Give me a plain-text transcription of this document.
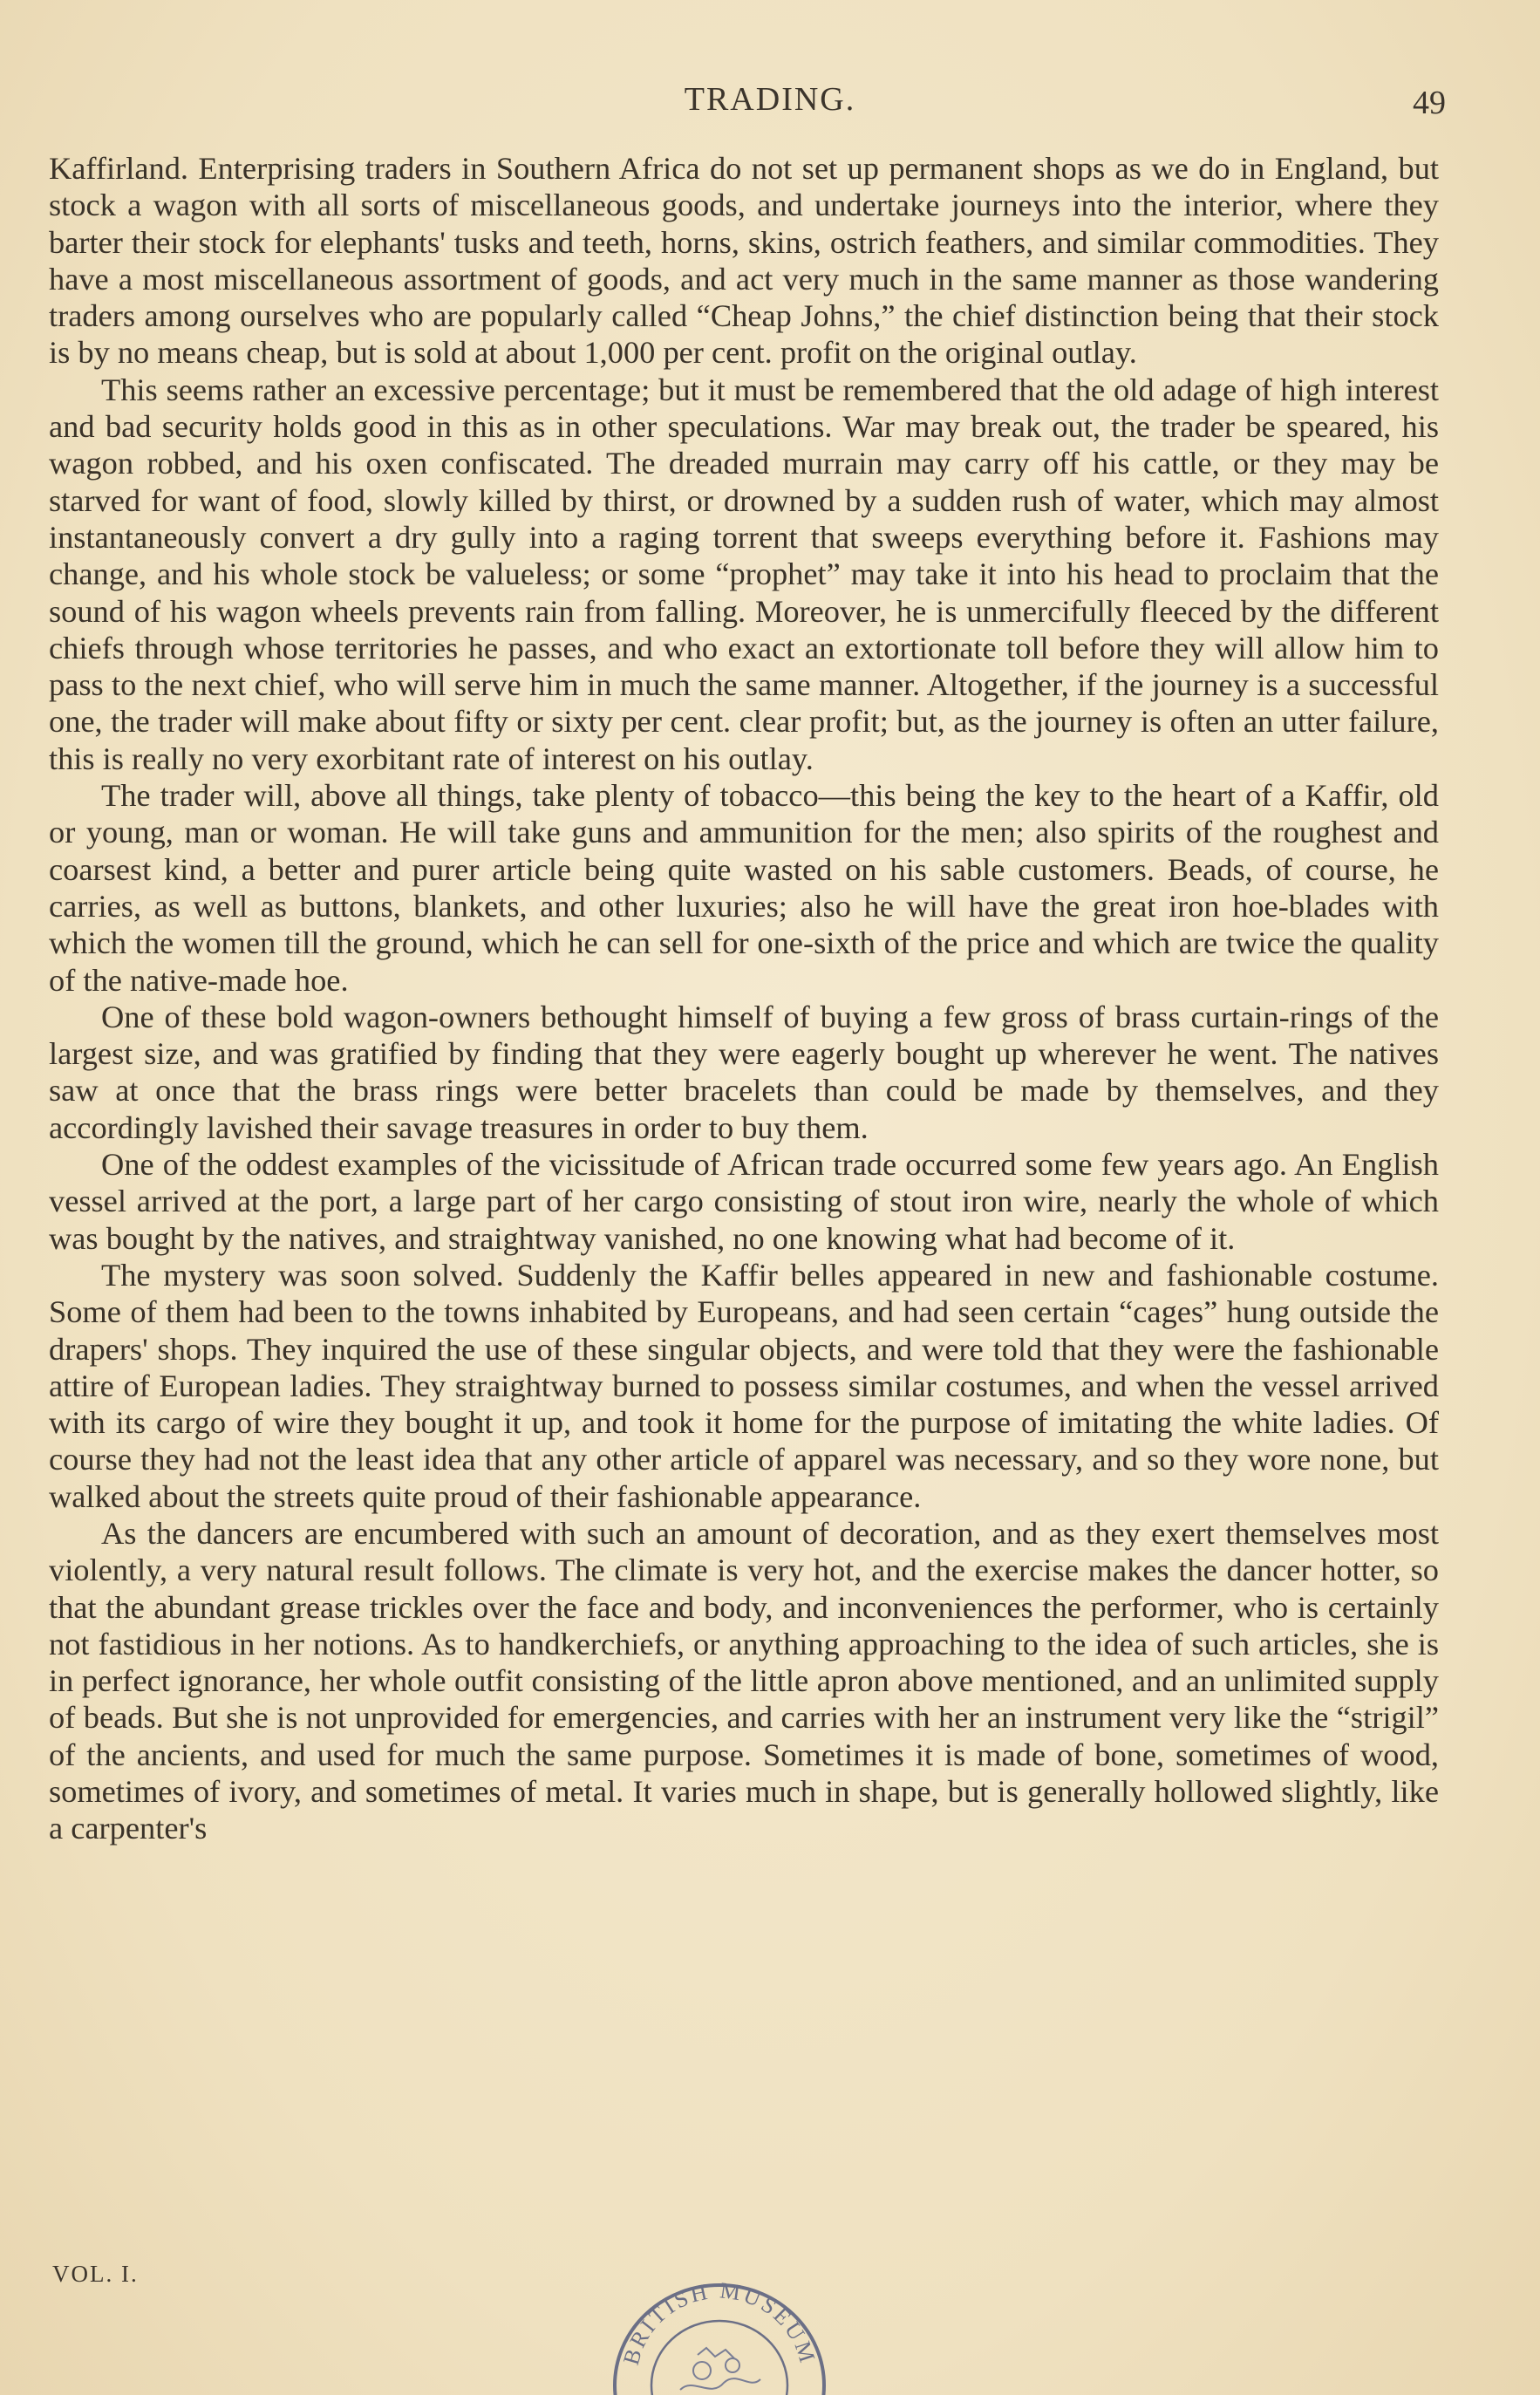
TRADING.	49

Kaffirland. Enterprising traders in Southern Africa do not set up permanent shops as we do in England, but stock a wagon with all sorts of miscellaneous goods, and undertake journeys into the interior, where they barter their stock for elephants' tusks and teeth, horns, skins, ostrich feathers, and similar commodities. They have a most miscellaneous assortment of goods, and act very much in the same manner as those wandering traders among ourselves who are popularly called “Cheap Johns,” the chief distinction being that their stock is by no means cheap, but is sold at about 1,000 per cent. profit on the original outlay.

This seems rather an excessive percentage; but it must be remembered that the old adage of high interest and bad security holds good in this as in other speculations. War may break out, the trader be speared, his wagon robbed, and his oxen confiscated. The dreaded murrain may carry off his cattle, or they may be starved for want of food, slowly killed by thirst, or drowned by a sudden rush of water, which may almost instantaneously convert a dry gully into a raging torrent that sweeps everything before it. Fashions may change, and his whole stock be valueless; or some “prophet” may take it into his head to proclaim that the sound of his wagon wheels prevents rain from falling. Moreover, he is unmercifully fleeced by the different chiefs through whose territories he passes, and who exact an extortionate toll before they will allow him to pass to the next chief, who will serve him in much the same manner. Altogether, if the journey is a successful one, the trader will make about fifty or sixty per cent. clear profit; but, as the journey is often an utter failure, this is really no very exorbitant rate of interest on his outlay.

The trader will, above all things, take plenty of tobacco—this being the key to the heart of a Kaffir, old or young, man or woman. He will take guns and ammunition for the men; also spirits of the roughest and coarsest kind, a better and purer article being quite wasted on his sable customers. Beads, of course, he carries, as well as buttons, blankets, and other luxuries; also he will have the great iron hoe-blades with which the women till the ground, which he can sell for one-sixth of the price and which are twice the quality of the native-made hoe.

One of these bold wagon-owners bethought himself of buying a few gross of brass curtain-rings of the largest size, and was gratified by finding that they were eagerly bought up wherever he went. The natives saw at once that the brass rings were better bracelets than could be made by themselves, and they accordingly lavished their savage treasures in order to buy them.

One of the oddest examples of the vicissitude of African trade occurred some few years ago. An English vessel arrived at the port, a large part of her cargo consisting of stout iron wire, nearly the whole of which was bought by the natives, and straightway vanished, no one knowing what had become of it.

The mystery was soon solved. Suddenly the Kaffir belles appeared in new and fashionable costume. Some of them had been to the towns inhabited by Europeans, and had seen certain “cages” hung outside the drapers' shops. They inquired the use of these singular objects, and were told that they were the fashionable attire of European ladies. They straightway burned to possess similar costumes, and when the vessel arrived with its cargo of wire they bought it up, and took it home for the purpose of imitating the white ladies. Of course they had not the least idea that any other article of apparel was necessary, and so they wore none, but walked about the streets quite proud of their fashionable appearance.

As the dancers are encumbered with such an amount of decoration, and as they exert themselves most violently, a very natural result follows. The climate is very hot, and the exercise makes the dancer hotter, so that the abundant grease trickles over the face and body, and inconveniences the performer, who is certainly not fastidious in her notions. As to handkerchiefs, or anything approaching to the idea of such articles, she is in perfect ignorance, her whole outfit consisting of the little apron above mentioned, and an unlimited supply of beads. But she is not unprovided for emergencies, and carries with her an instrument very like the “strigil” of the ancients, and used for much the same purpose. Sometimes it is made of bone, sometimes of wood, sometimes of ivory, and sometimes of metal. It varies much in shape, but is generally hollowed slightly, like a carpenter's

VOL. I.
BRITISH MUSEUM
